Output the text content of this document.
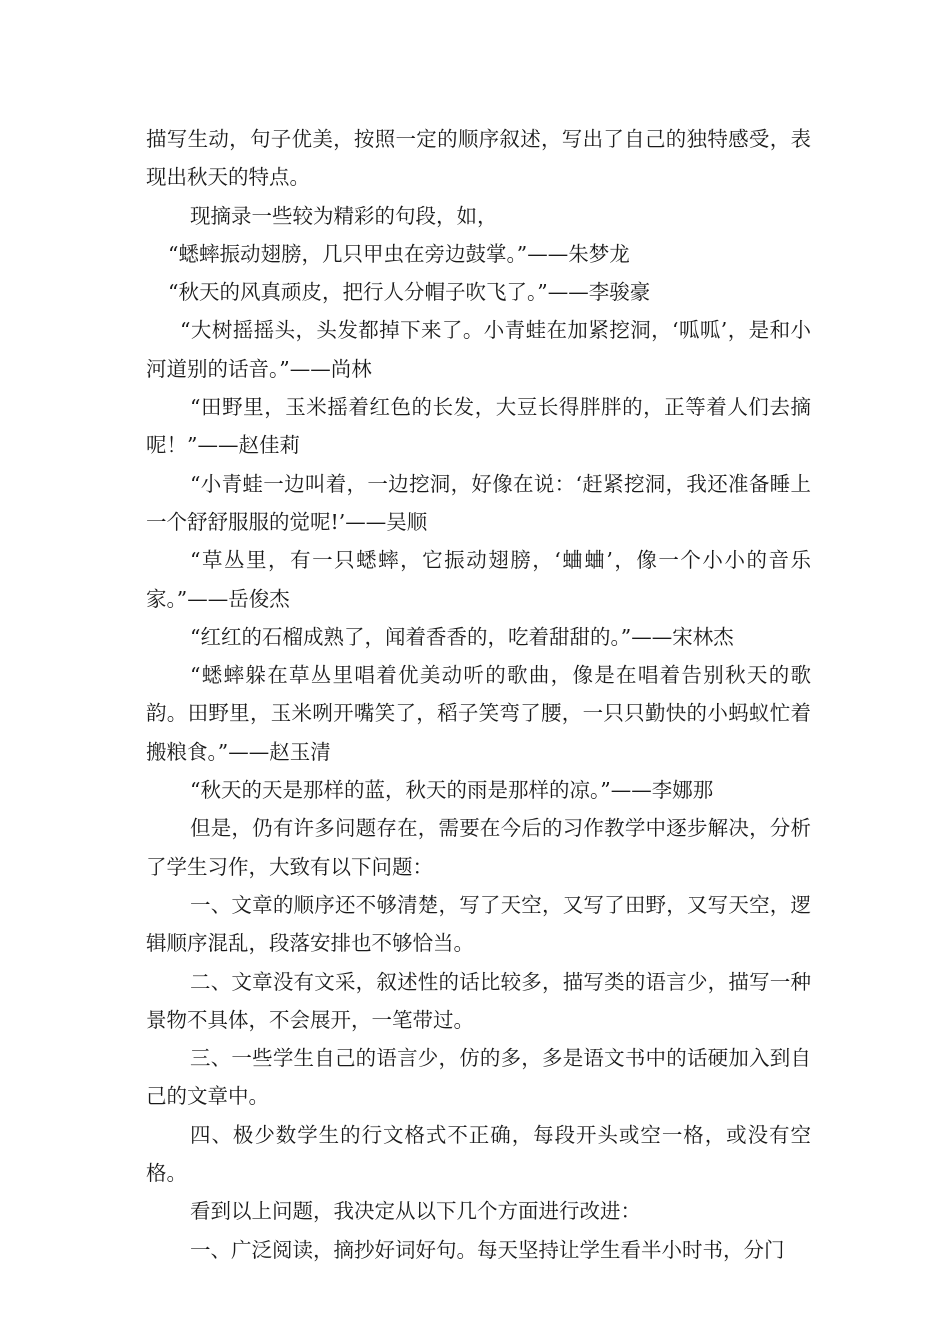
描写生动，句子优美，按照一定的顺序叙述，写出了自己的独特感受，表现出秋天的特点。

现摘录一些较为精彩的句段，如，

“蟋蟀振动翅膀，几只甲虫在旁边鼓掌。”——朱梦龙

“秋天的风真顽皮，把行人分帽子吹飞了。”——李骏豪

“大树摇摇头，头发都掉下来了。小青蛙在加紧挖洞，‘呱呱’，是和小河道别的话音。”——尚林

“田野里，玉米摇着红色的长发，大豆长得胖胖的，正等着人们去摘呢！”——赵佳莉

“小青蛙一边叫着，一边挖洞，好像在说：‘赶紧挖洞，我还准备睡上一个舒舒服服的觉呢!’——吴顺

“草丛里，有一只蟋蟀，它振动翅膀，‘蛐蛐’，像一个小小的音乐家。”——岳俊杰

“红红的石榴成熟了，闻着香香的，吃着甜甜的。”——宋林杰

“蟋蟀躲在草丛里唱着优美动听的歌曲，像是在唱着告别秋天的歌韵。田野里，玉米咧开嘴笑了，稻子笑弯了腰，一只只勤快的小蚂蚁忙着搬粮食。”——赵玉清

“秋天的天是那样的蓝，秋天的雨是那样的凉。”——李娜那

但是，仍有许多问题存在，需要在今后的习作教学中逐步解决，分析了学生习作，大致有以下问题：

一、文章的顺序还不够清楚，写了天空，又写了田野，又写天空，逻辑顺序混乱，段落安排也不够恰当。

二、文章没有文采，叙述性的话比较多，描写类的语言少，描写一种景物不具体，不会展开，一笔带过。

三、一些学生自己的语言少，仿的多，多是语文书中的话硬加入到自己的文章中。

四、极少数学生的行文格式不正确，每段开头或空一格，或没有空格。

看到以上问题，我决定从以下几个方面进行改进：

一、广泛阅读，摘抄好词好句。每天坚持让学生看半小时书，分门
